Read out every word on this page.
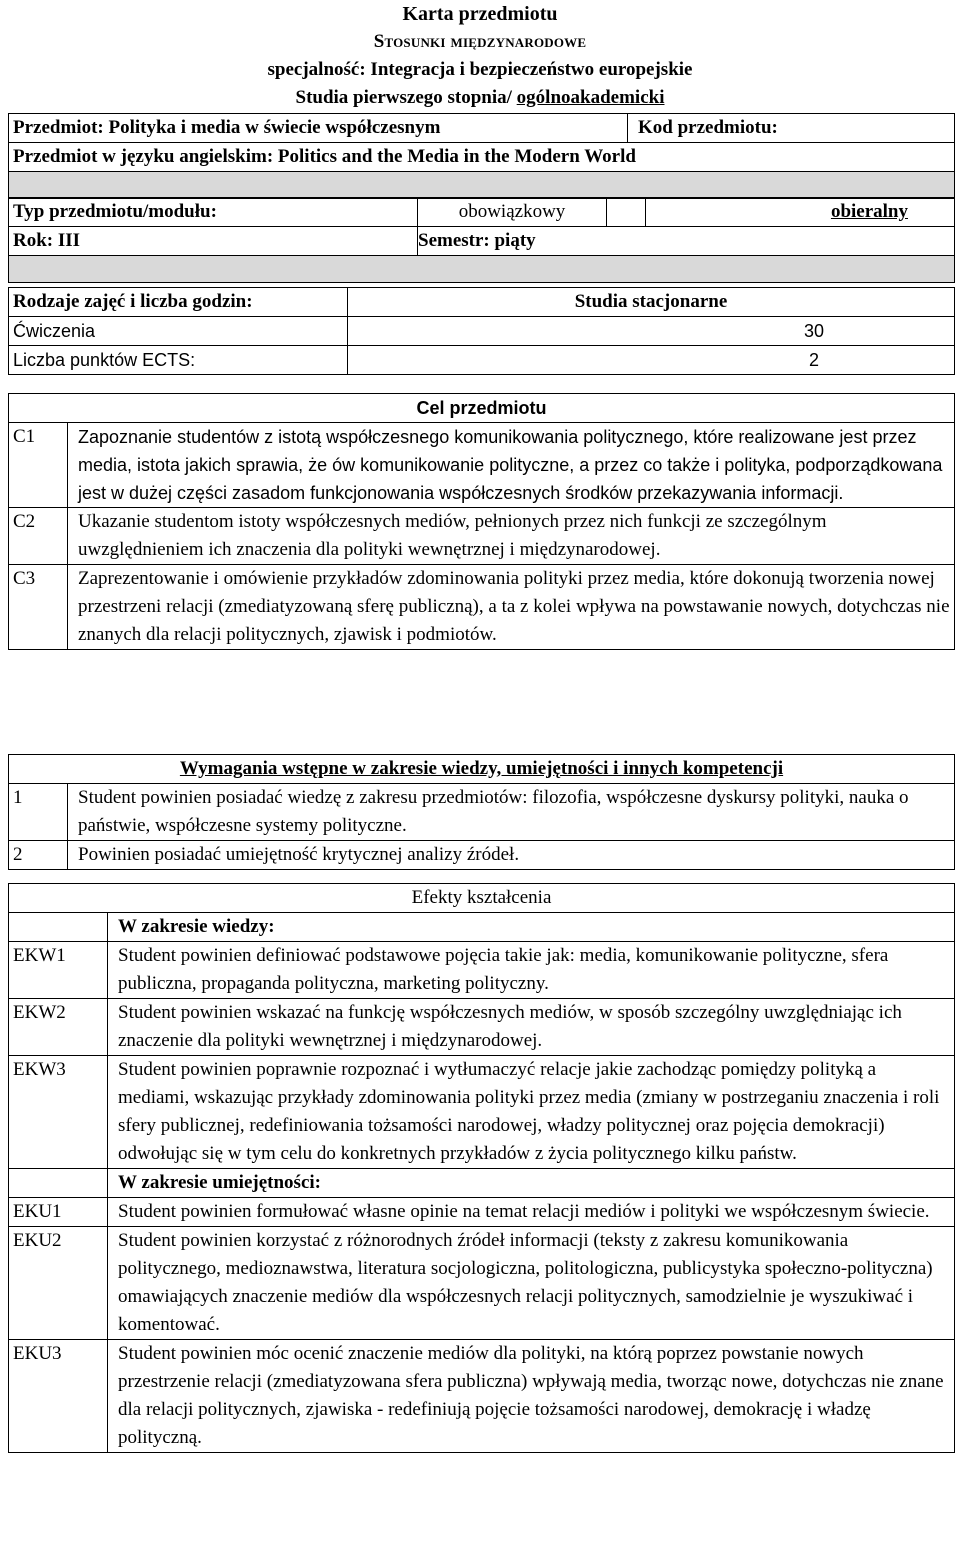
Karta przedmiotu
Stosunki międzynarodowe
specjalność: Integracja i bezpieczeństwo europejskie
Studia pierwszego stopnia/ ogólnoakademicki
Przedmiot: Polityka i media w świecie współczesnym	Kod przedmiotu:
Przedmiot w języku angielskim: Politics and the Media in the Modern World

Typ przedmiotu/modułu:	obowiązkowy		obieralny
Rok: III	Semestr: piąty		

Rodzaje zajęć i liczba godzin:	Studia stacjonarne
Ćwiczenia	30
Liczba punktów ECTS:	2
Cel przedmiotu	
C1	Zapoznanie studentów z istotą współczesnego komunikowania politycznego, które realizowane jest przez media, istota jakich sprawia, że ów komunikowanie polityczne, a przez co także i polityka, podporządkowana jest w dużej części zasadom funkcjonowania współczesnych środków przekazywania informacji.
C2	Ukazanie studentom istoty współczesnych mediów, pełnionych przez nich funkcji ze szczególnym uwzględnieniem ich znaczenia dla polityki wewnętrznej i międzynarodowej.
C3	Zaprezentowanie i omówienie przykładów zdominowania polityki przez media, które dokonują tworzenia nowej przestrzeni relacji (zmediatyzowaną sferę publiczną), a ta z kolei wpływa na powstawanie nowych, dotychczas nie znanych dla relacji politycznych, zjawisk i podmiotów.
Wymagania wstępne w zakresie wiedzy, umiejętności i innych kompetencji	
1	Student powinien posiadać wiedzę z zakresu przedmiotów: filozofia, współczesne dyskursy polityki, nauka o państwie, współczesne systemy polityczne.
2	Powinien posiadać umiejętność krytycznej analizy źródeł.
Efekty kształcenia	
	W zakresie wiedzy:
EKW1	Student powinien definiować podstawowe pojęcia takie jak: media, komunikowanie polityczne, sfera publiczna, propaganda polityczna, marketing polityczny.
EKW2	Student powinien wskazać na funkcję współczesnych mediów, w sposób szczególny uwzględniając ich znaczenie dla polityki wewnętrznej i międzynarodowej.
EKW3	Student powinien poprawnie rozpoznać i wytłumaczyć relacje jakie zachodząc pomiędzy polityką a mediami, wskazując przykłady zdominowania polityki przez media (zmiany w postrzeganiu znaczenia i roli sfery publicznej, redefiniowania tożsamości narodowej, władzy politycznej oraz pojęcia demokracji) odwołując się w tym celu do konkretnych przykładów z życia politycznego kilku państw.
	W zakresie umiejętności:
EKU1	Student powinien formułować własne opinie na temat relacji mediów i polityki we współczesnym świecie.
EKU2	Student powinien korzystać z różnorodnych źródeł informacji (teksty z zakresu komunikowania politycznego, medioznawstwa, literatura socjologiczna, politologiczna, publicystyka społeczno-polityczna) omawiających znaczenie mediów dla współczesnych relacji politycznych, samodzielnie je wyszukiwać i komentować.
EKU3	Student powinien móc ocenić znaczenie mediów dla polityki, na którą poprzez powstanie nowych przestrzenie relacji (zmediatyzowana sfera publiczna) wpływają media, tworząc nowe, dotychczas nie znane dla relacji politycznych, zjawiska - redefiniują pojęcie tożsamości narodowej, demokrację i władzę polityczną.
